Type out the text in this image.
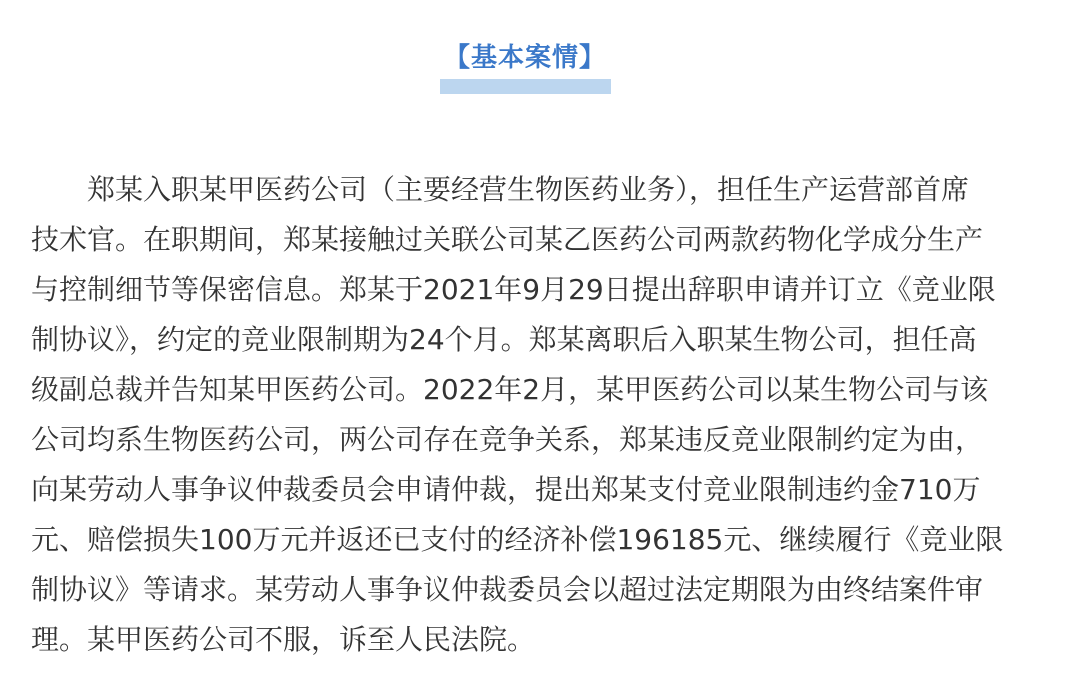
【基本案情】
郑某入职某甲医药公司（主要经营生物医药业务），担任生产运营部首席
技术官。在职期间，郑某接触过关联公司某乙医药公司两款药物化学成分生产
与控制细节等保密信息。郑某于2021年9月29日提出辞职申请并订立《竞业限
制协议》，约定的竞业限制期为24个月。郑某离职后入职某生物公司，担任高
级副总裁并告知某甲医药公司。2022年2月，某甲医药公司以某生物公司与该
公司均系生物医药公司，两公司存在竞争关系，郑某违反竞业限制约定为由，
向某劳动人事争议仲裁委员会申请仲裁，提出郑某支付竞业限制违约金710万
元、赔偿损失100万元并返还已支付的经济补偿196185元、继续履行《竞业限
制协议》等请求。某劳动人事争议仲裁委员会以超过法定期限为由终结案件审
理。某甲医药公司不服，诉至人民法院。
